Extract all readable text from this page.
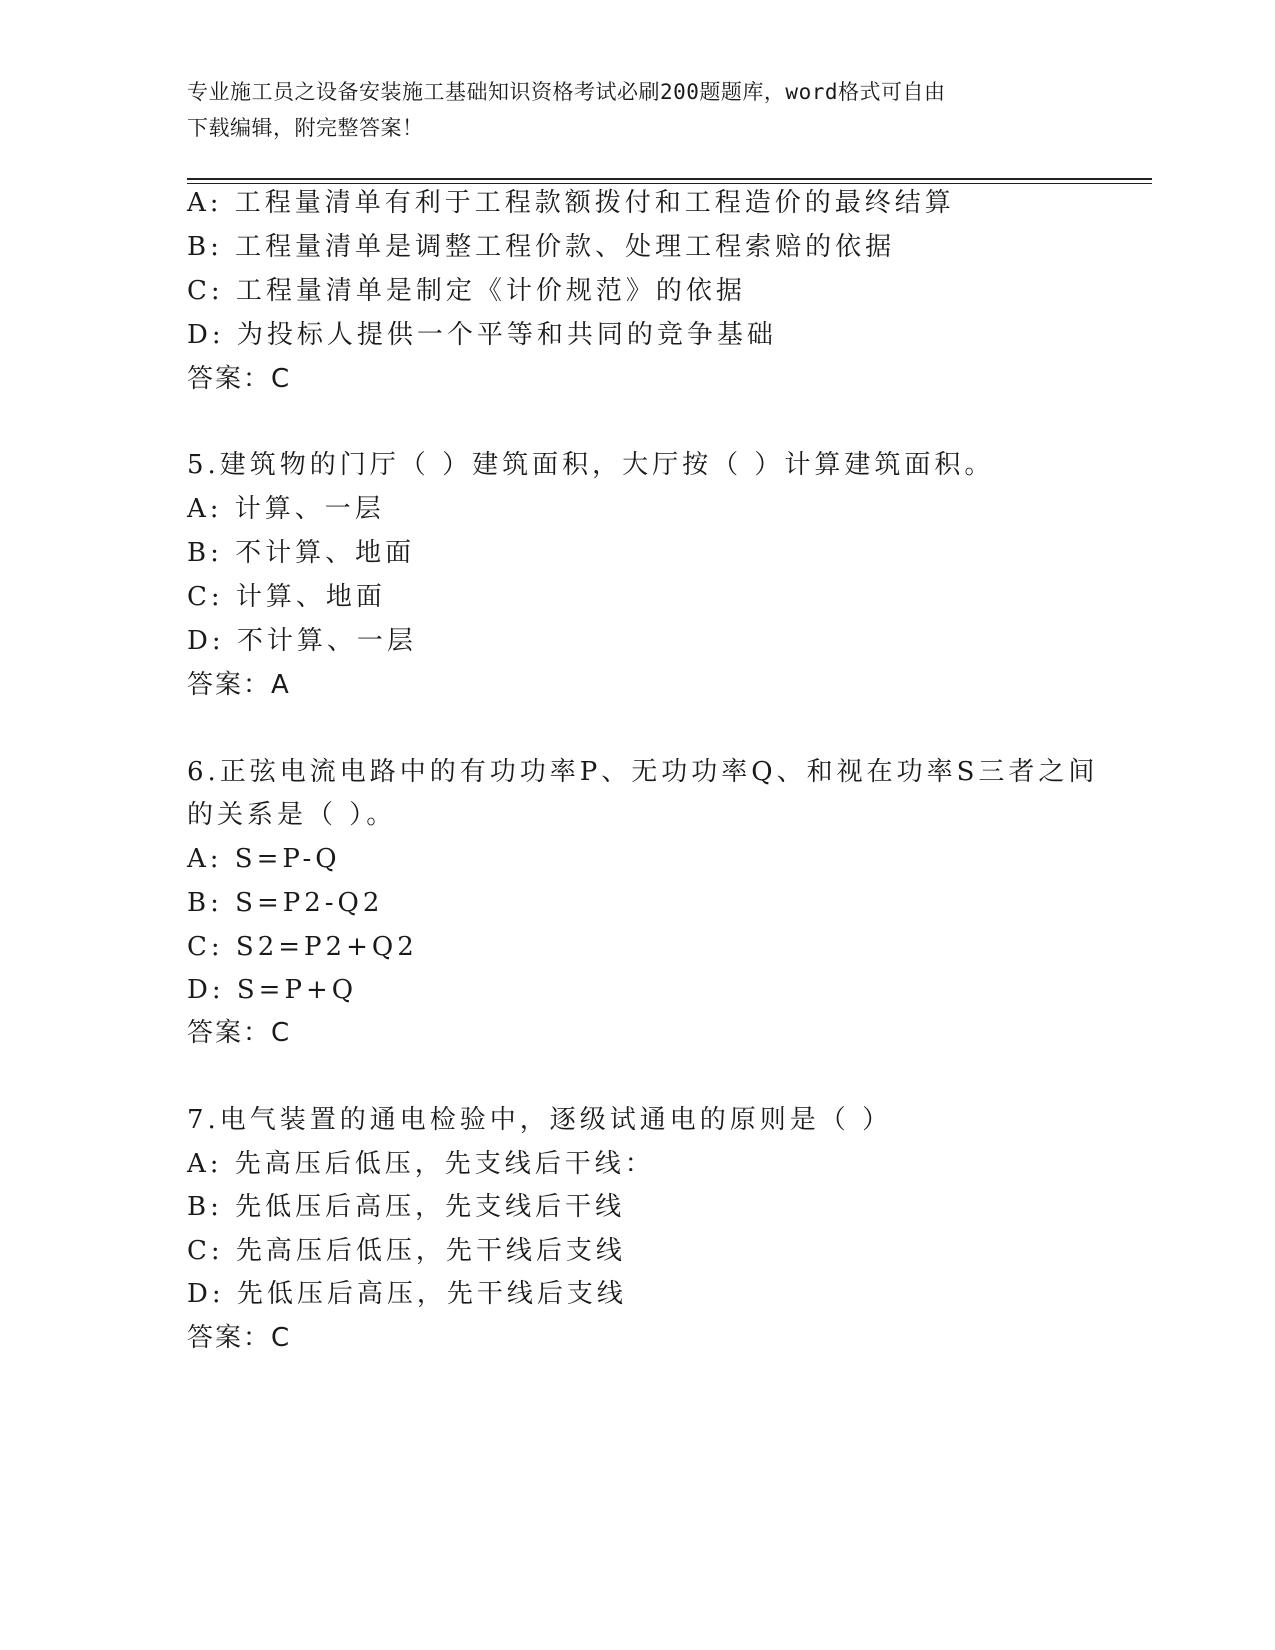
专业施工员之设备安装施工基础知识资格考试必刷200题题库，word格式可自由
下载编辑，附完整答案！
A: 工程量清单有利于工程款额拨付和工程造价的最终结算
B: 工程量清单是调整工程价款、处理工程索赔的依据
C: 工程量清单是制定《计价规范》的依据
D: 为投标人提供一个平等和共同的竞争基础
答案：C
5.建筑物的门厅（ ）建筑面积，大厅按（ ）计算建筑面积。
A: 计算、一层
B: 不计算、地面
C: 计算、地面
D: 不计算、一层
答案：A
6.正弦电流电路中的有功功率P、无功功率Q、和视在功率S三者之间
的关系是（ ）。
A: S=P-Q
B: S=P2-Q2
C: S2=P2+Q2
D: S=P+Q
答案：C
7.电气装置的通电检验中，逐级试通电的原则是（ ）
A: 先高压后低压，先支线后干线：
B: 先低压后高压，先支线后干线
C: 先高压后低压，先干线后支线
D: 先低压后高压，先干线后支线
答案：C
